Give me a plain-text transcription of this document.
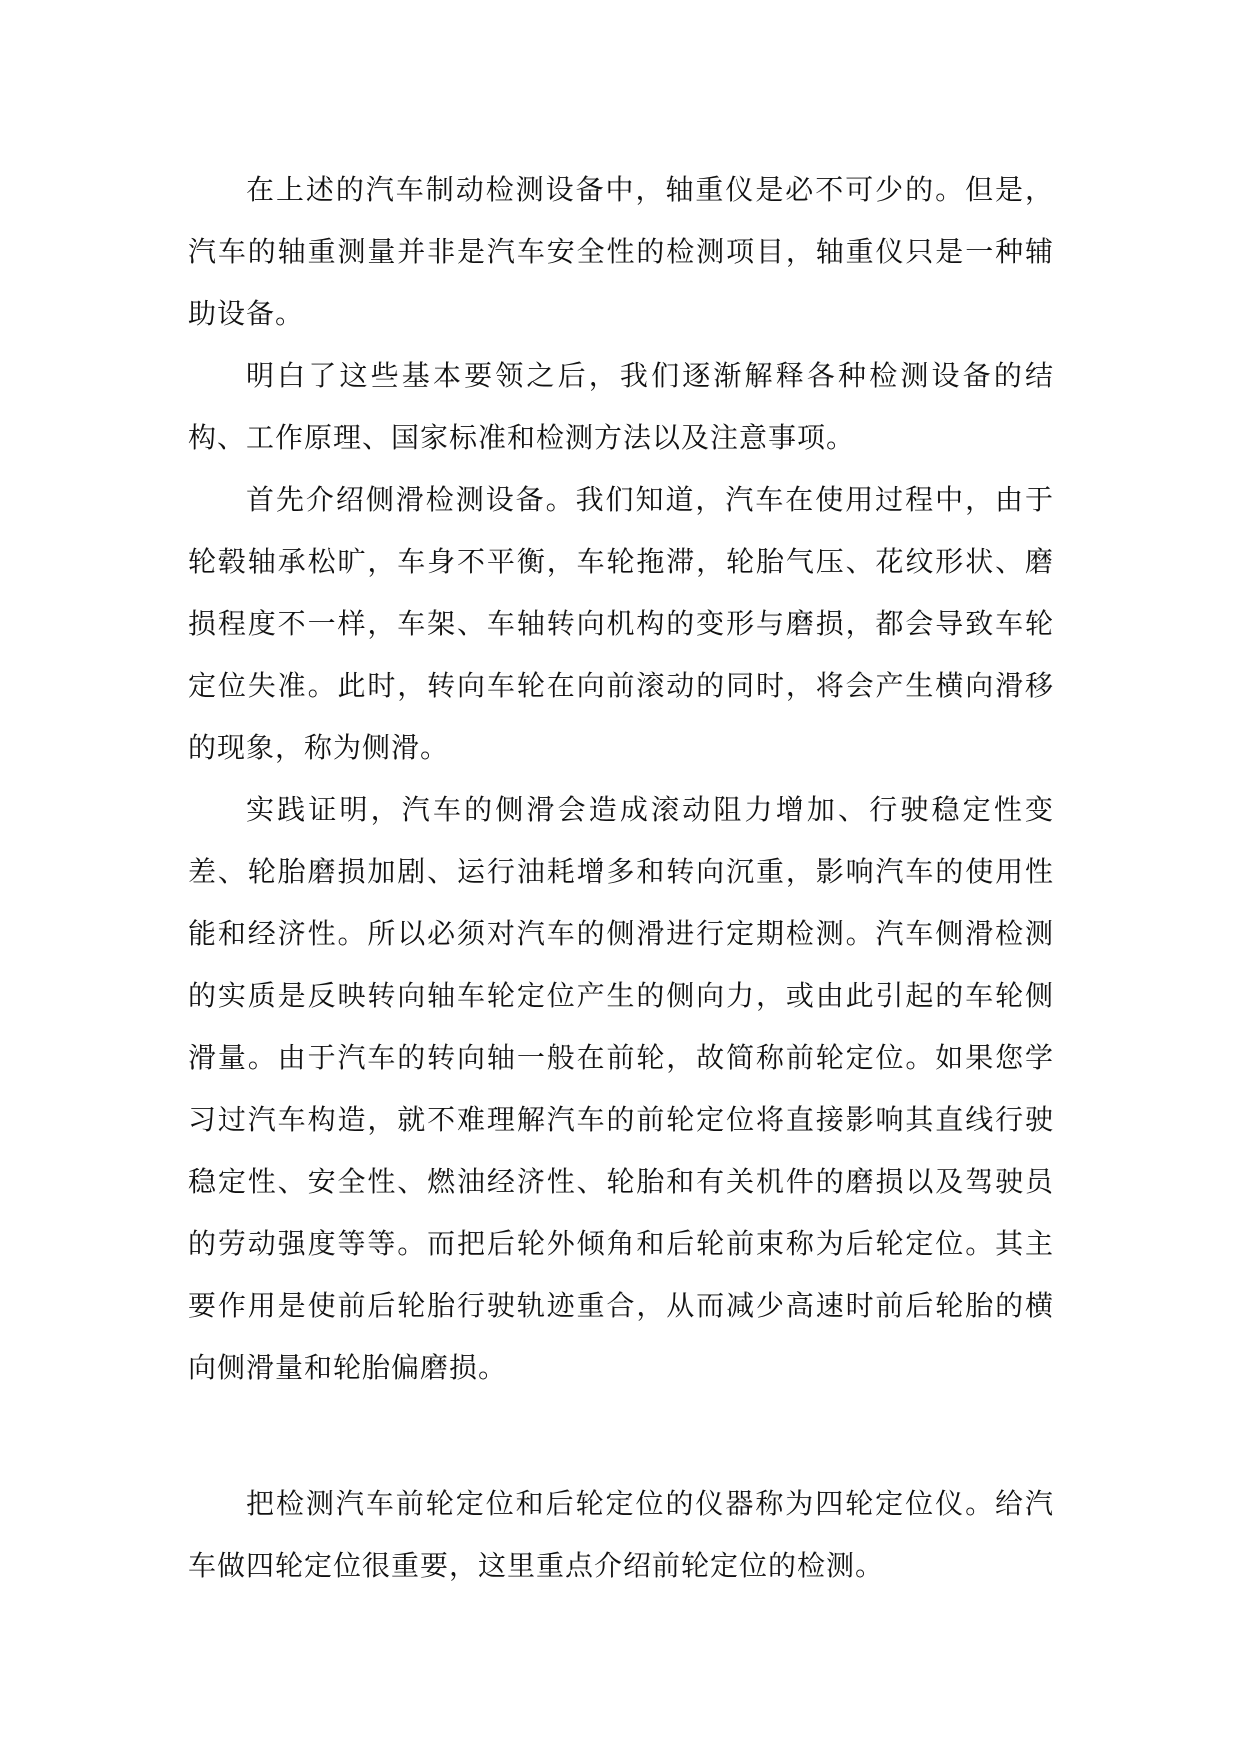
在上述的汽车制动检测设备中，轴重仪是必不可少的。但是，汽车的轴重测量并非是汽车安全性的检测项目，轴重仪只是一种辅助设备。

明白了这些基本要领之后，我们逐渐解释各种检测设备的结构、工作原理、国家标准和检测方法以及注意事项。

首先介绍侧滑检测设备。我们知道，汽车在使用过程中，由于轮毂轴承松旷，车身不平衡，车轮拖滞，轮胎气压、花纹形状、磨损程度不一样，车架、车轴转向机构的变形与磨损，都会导致车轮定位失准。此时，转向车轮在向前滚动的同时，将会产生横向滑移的现象，称为侧滑。

实践证明，汽车的侧滑会造成滚动阻力增加、行驶稳定性变差、轮胎磨损加剧、运行油耗增多和转向沉重，影响汽车的使用性能和经济性。所以必须对汽车的侧滑进行定期检测。汽车侧滑检测的实质是反映转向轴车轮定位产生的侧向力，或由此引起的车轮侧滑量。由于汽车的转向轴一般在前轮，故简称前轮定位。如果您学习过汽车构造，就不难理解汽车的前轮定位将直接影响其直线行驶稳定性、安全性、燃油经济性、轮胎和有关机件的磨损以及驾驶员的劳动强度等等。而把后轮外倾角和后轮前束称为后轮定位。其主要作用是使前后轮胎行驶轨迹重合，从而减少高速时前后轮胎的横向侧滑量和轮胎偏磨损。

把检测汽车前轮定位和后轮定位的仪器称为四轮定位仪。给汽车做四轮定位很重要，这里重点介绍前轮定位的检测。
